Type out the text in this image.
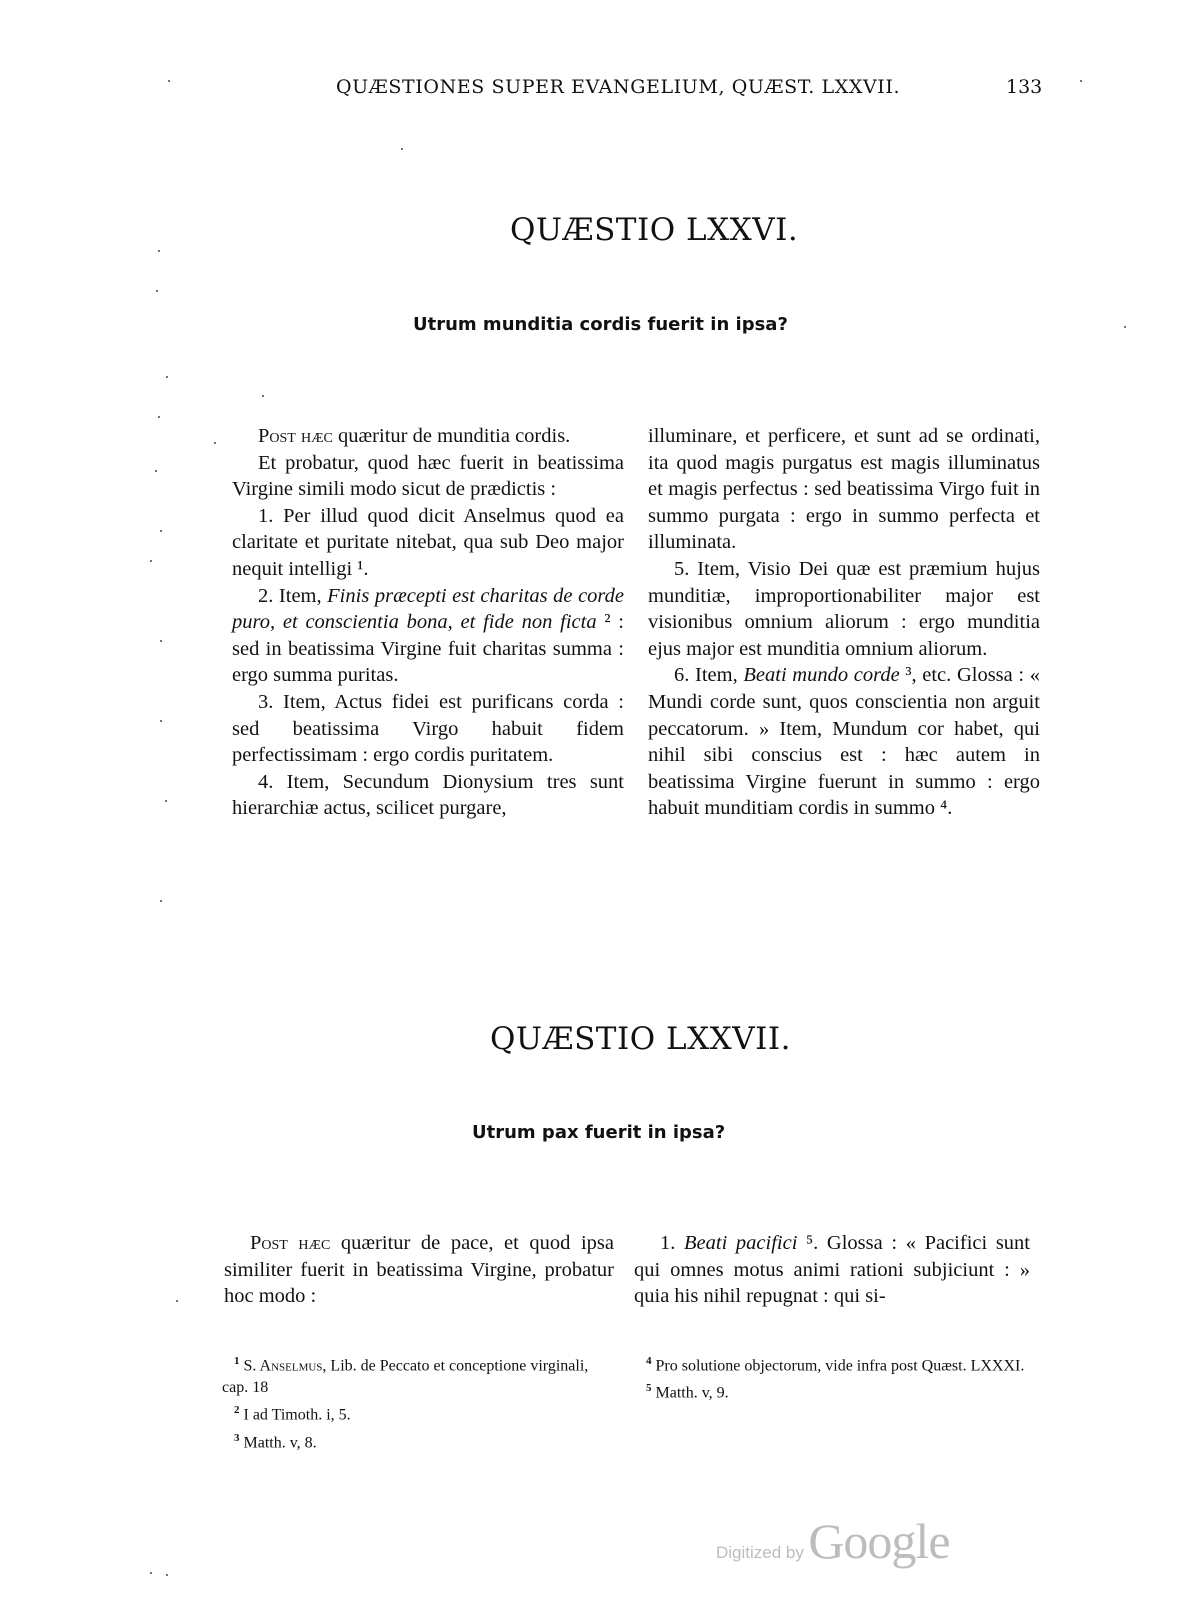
QUÆSTIONES SUPER EVANGELIUM, QUÆST. LXXVII.	133
QUÆSTIO LXXVI.
Utrum munditia cordis fuerit in ipsa?

Post hæc quæritur de munditia cordis.

Et probatur, quod hæc fuerit in beatissima Virgine simili modo sicut de prædictis :

1. Per illud quod dicit Anselmus quod ea claritate et puritate nitebat, qua sub Deo major nequit intelligi ¹.

2. Item, Finis præcepti est charitas de corde puro, et conscientia bona, et fide non ficta ² : sed in beatissima Virgine fuit charitas summa : ergo summa puritas.

3. Item, Actus fidei est purificans corda : sed beatissima Virgo habuit fidem perfectissimam : ergo cordis puritatem.

4. Item, Secundum Dionysium tres sunt hierarchiæ actus, scilicet purgare,

illuminare, et perficere, et sunt ad se ordinati, ita quod magis purgatus est magis illuminatus et magis perfectus : sed beatissima Virgo fuit in summo purgata : ergo in summo perfecta et illuminata.

5. Item, Visio Dei quæ est præmium hujus munditiæ, improportionabiliter major est visionibus omnium aliorum : ergo munditia ejus major est munditia omnium aliorum.

6. Item, Beati mundo corde ³, etc. Glossa : « Mundi corde sunt, quos conscientia non arguit peccatorum. » Item, Mundum cor habet, qui nihil sibi conscius est : hæc autem in beatissima Virgine fuerunt in summo : ergo habuit munditiam cordis in summo ⁴.

QUÆSTIO LXXVII.
Utrum pax fuerit in ipsa?

Post hæc quæritur de pace, et quod ipsa similiter fuerit in beatissima Virgine, probatur hoc modo :

1. Beati pacifici ⁵. Glossa : « Pacifici sunt qui omnes motus animi rationi subjiciunt : » quia his nihil repugnat : qui si-

$^1$ S. Anselmus, Lib. de Peccato et conceptione virginali, cap. 18

$^2$ I ad Timoth. i, 5.

$^3$ Matth. v, 8.

$^4$ Pro solutione objectorum, vide infra post Quæst. LXXXI.

$^5$ Matth. v, 9.

Digitized by Google
